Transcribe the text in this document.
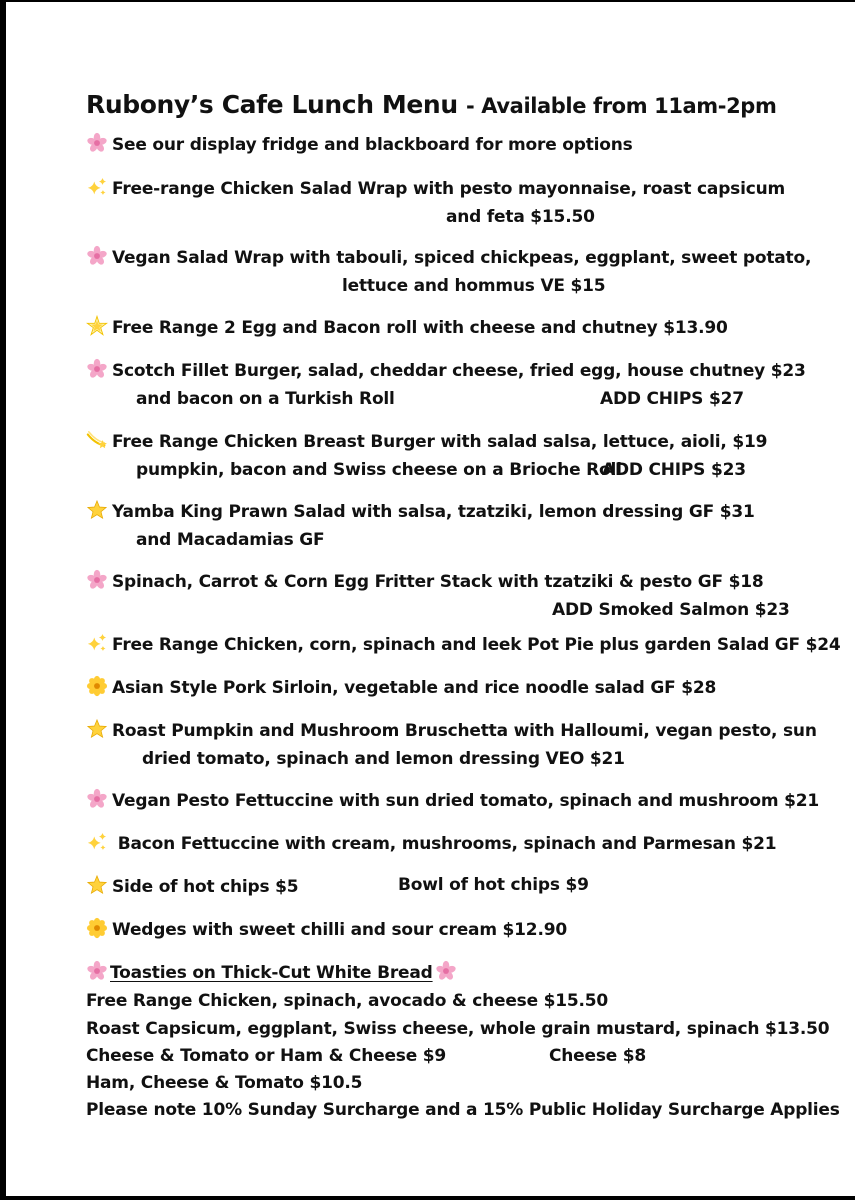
Rubony’s Cafe Lunch Menu - Available from 11am-2pm
See our display fridge and blackboard for more options
Free-range Chicken Salad Wrap with pesto mayonnaise, roast capsicum
and feta $15.50
Vegan Salad Wrap with tabouli, spiced chickpeas, eggplant, sweet potato,
lettuce and hommus VE $15
Free Range 2 Egg and Bacon roll with cheese and chutney $13.90
Scotch Fillet Burger, salad, cheddar cheese, fried egg, house chutney $23
and bacon on a Turkish Roll	ADD CHIPS $27
Free Range Chicken Breast Burger with salad salsa, lettuce, aioli, $19
pumpkin, bacon and Swiss cheese on a Brioche Roll
ADD CHIPS $23
Yamba King Prawn Salad with salsa, tzatziki, lemon dressing GF $31
and Macadamias GF
Spinach, Carrot & Corn Egg Fritter Stack with tzatziki & pesto GF $18
ADD Smoked Salmon $23
Free Range Chicken, corn, spinach and leek Pot Pie plus garden Salad GF $24
Asian Style Pork Sirloin, vegetable and rice noodle salad GF $28
Roast Pumpkin and Mushroom Bruschetta with Halloumi, vegan pesto, sun
dried tomato, spinach and lemon dressing VEO $21
Vegan Pesto Fettuccine with sun dried tomato, spinach and mushroom $21
Bacon Fettuccine with cream, mushrooms, spinach and Parmesan $21
Side of hot chips $5	Bowl of hot chips $9
Wedges with sweet chilli and sour cream $12.90
Toasties on Thick-Cut White Bread
Free Range Chicken, spinach, avocado & cheese $15.50
Roast Capsicum, eggplant, Swiss cheese, whole grain mustard, spinach $13.50
Cheese & Tomato or Ham & Cheese $9	Cheese $8
Ham, Cheese & Tomato $10.5
Please note 10% Sunday Surcharge and a 15% Public Holiday Surcharge Applies
